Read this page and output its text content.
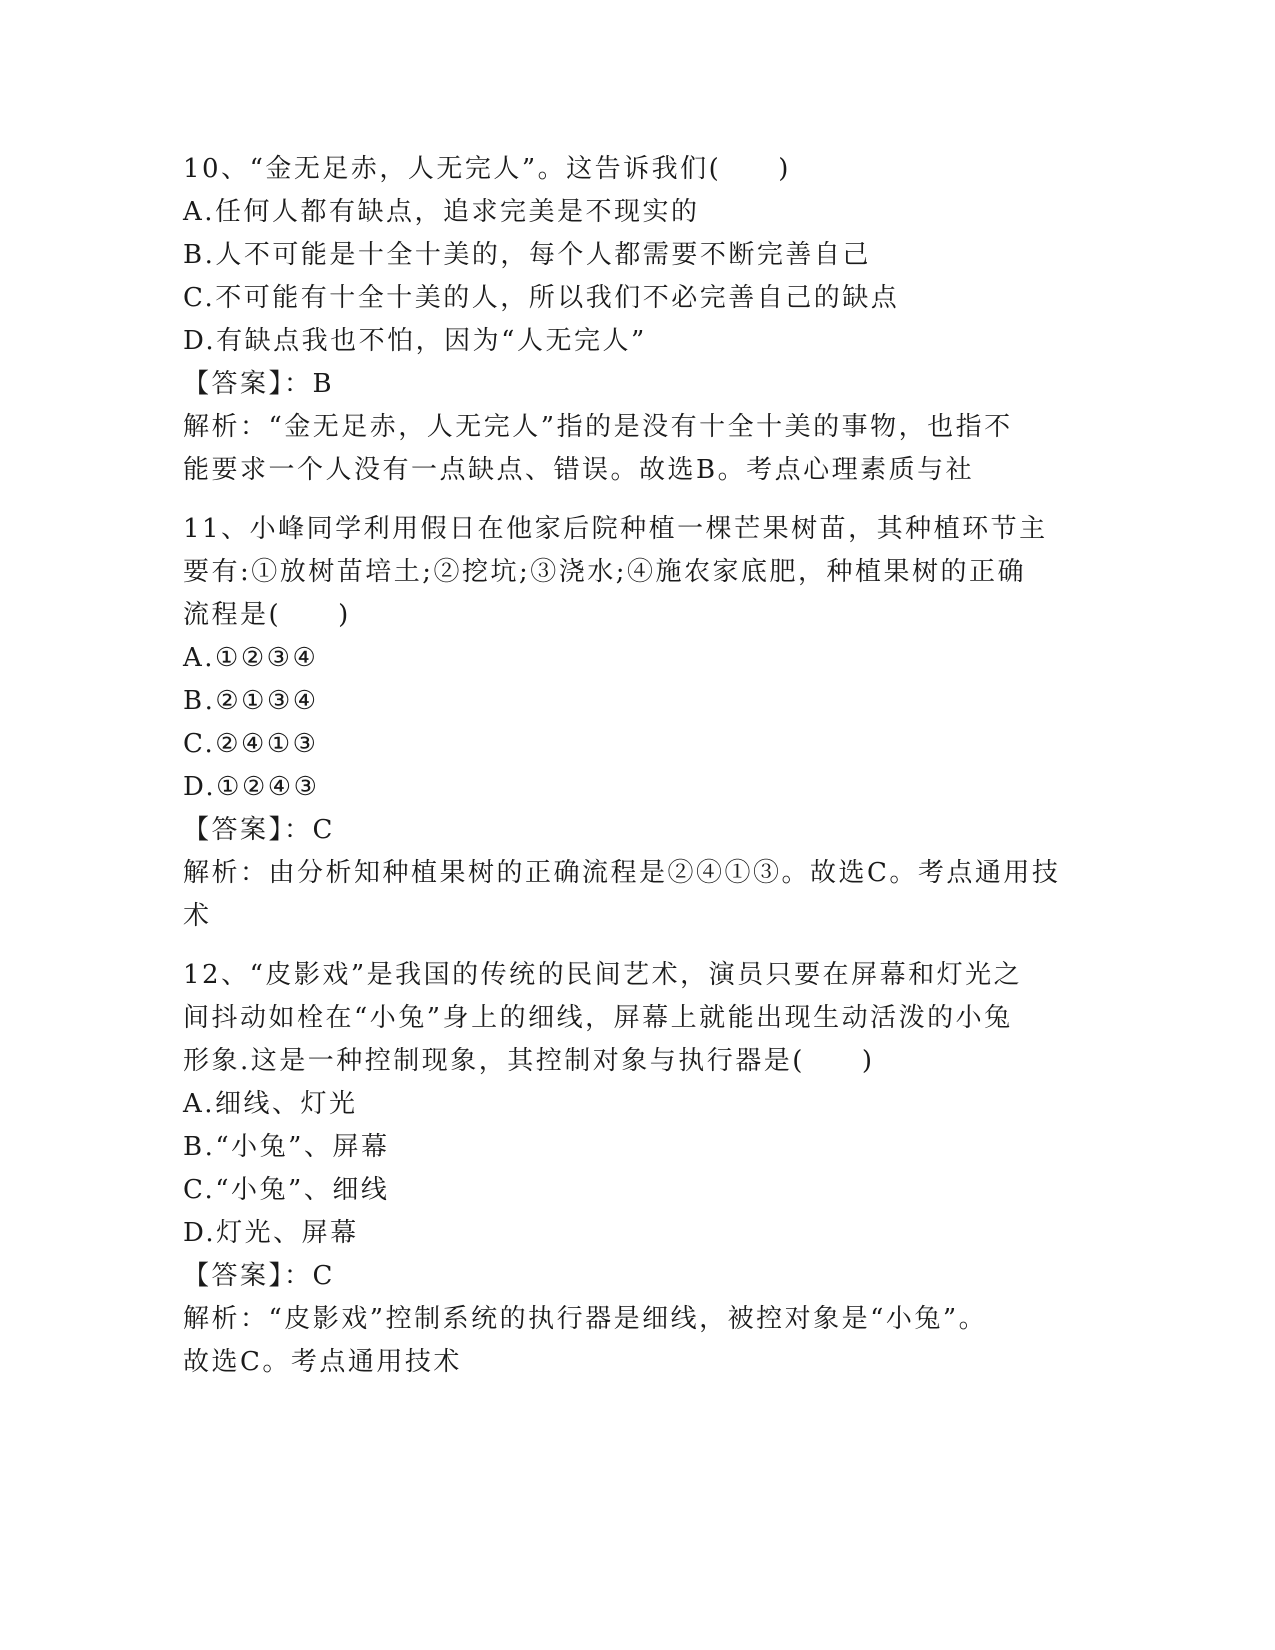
10、“金无足赤，人无完人”。这告诉我们(　　)
A.任何人都有缺点，追求完美是不现实的
B.人不可能是十全十美的，每个人都需要不断完善自己
C.不可能有十全十美的人，所以我们不必完善自己的缺点
D.有缺点我也不怕，因为“人无完人”
【答案】：B
解析：“金无足赤，人无完人”指的是没有十全十美的事物，也指不
能要求一个人没有一点缺点、错误。故选B。考点心理素质与社
11、小峰同学利用假日在他家后院种植一棵芒果树苗，其种植环节主
要有:①放树苗培土;②挖坑;③浇水;④施农家底肥，种植果树的正确
流程是(　　)
A.①②③④
B.②①③④
C.②④①③
D.①②④③
【答案】：C
解析：由分析知种植果树的正确流程是②④①③。故选C。考点通用技
术
12、“皮影戏”是我国的传统的民间艺术，演员只要在屏幕和灯光之
间抖动如栓在“小兔”身上的细线，屏幕上就能出现生动活泼的小兔
形象.这是一种控制现象，其控制对象与执行器是(　　)
A.细线、灯光
B.“小兔”、屏幕
C.“小兔”、细线
D.灯光、屏幕
【答案】：C
解析：“皮影戏”控制系统的执行器是细线，被控对象是“小兔”。
故选C。考点通用技术
